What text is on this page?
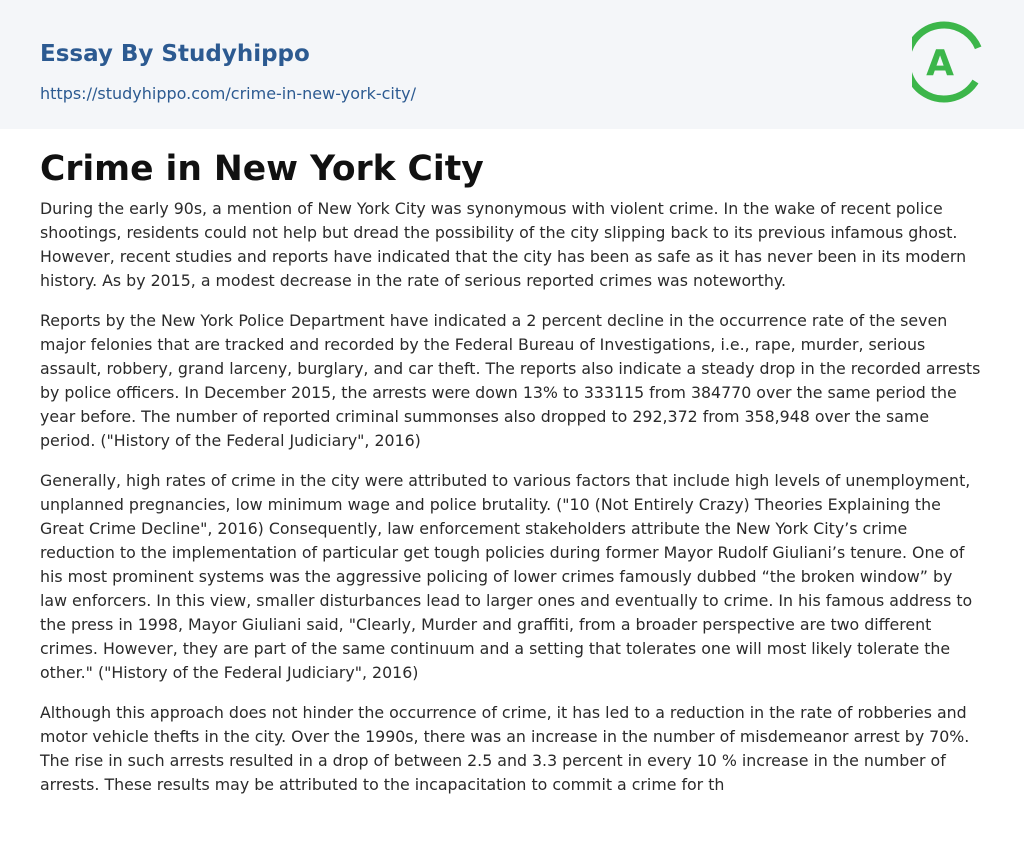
Essay By Studyhippo
https://studyhippo.com/crime-in-new-york-city/
A
Crime in New York City

During the early 90s, a mention of New York City was synonymous with violent crime. In the wake of recent police shootings, residents could not help but dread the possibility of the city slipping back to its previous infamous ghost. However, recent studies and reports have indicated that the city has been as safe as it has never been in its modern history. As by 2015, a modest decrease in the rate of serious reported crimes was noteworthy.

Reports by the New York Police Department have indicated a 2 percent decline in the occurrence rate of the seven major felonies that are tracked and recorded by the Federal Bureau of Investigations, i.e., rape, murder, serious assault, robbery, grand larceny, burglary, and car theft. The reports also indicate a steady drop in the recorded arrests by police officers. In December 2015, the arrests were down 13% to 333115 from 384770 over the same period the year before. The number of reported criminal summonses also dropped to 292,372 from 358,948 over the same period. ("History of the Federal Judiciary", 2016)

Generally, high rates of crime in the city were attributed to various factors that include high levels of unemployment, unplanned pregnancies, low minimum wage and police brutality. ("10 (Not Entirely Crazy) Theories Explaining the Great Crime Decline", 2016) Consequently, law enforcement stakeholders attribute the New York City’s crime reduction to the implementation of particular get tough policies during former Mayor Rudolf Giuliani’s tenure. One of his most prominent systems was the aggressive policing of lower crimes famously dubbed “the broken window” by law enforcers. In this view, smaller disturbances lead to larger ones and eventually to crime. In his famous address to the press in 1998, Mayor Giuliani said, "Clearly, Murder and graffiti, from a broader perspective are two different crimes. However, they are part of the same continuum and a setting that tolerates one will most likely tolerate the other." ("History of the Federal Judiciary", 2016)

Although this approach does not hinder the occurrence of crime, it has led to a reduction in the rate of robberies and motor vehicle thefts in the city. Over the 1990s, there was an increase in the number of misdemeanor arrest by 70%. The rise in such arrests resulted in a drop of between 2.5 and 3.3 percent in every 10 % increase in the number of arrests. These results may be attributed to the incapacitation to commit a crime for th
